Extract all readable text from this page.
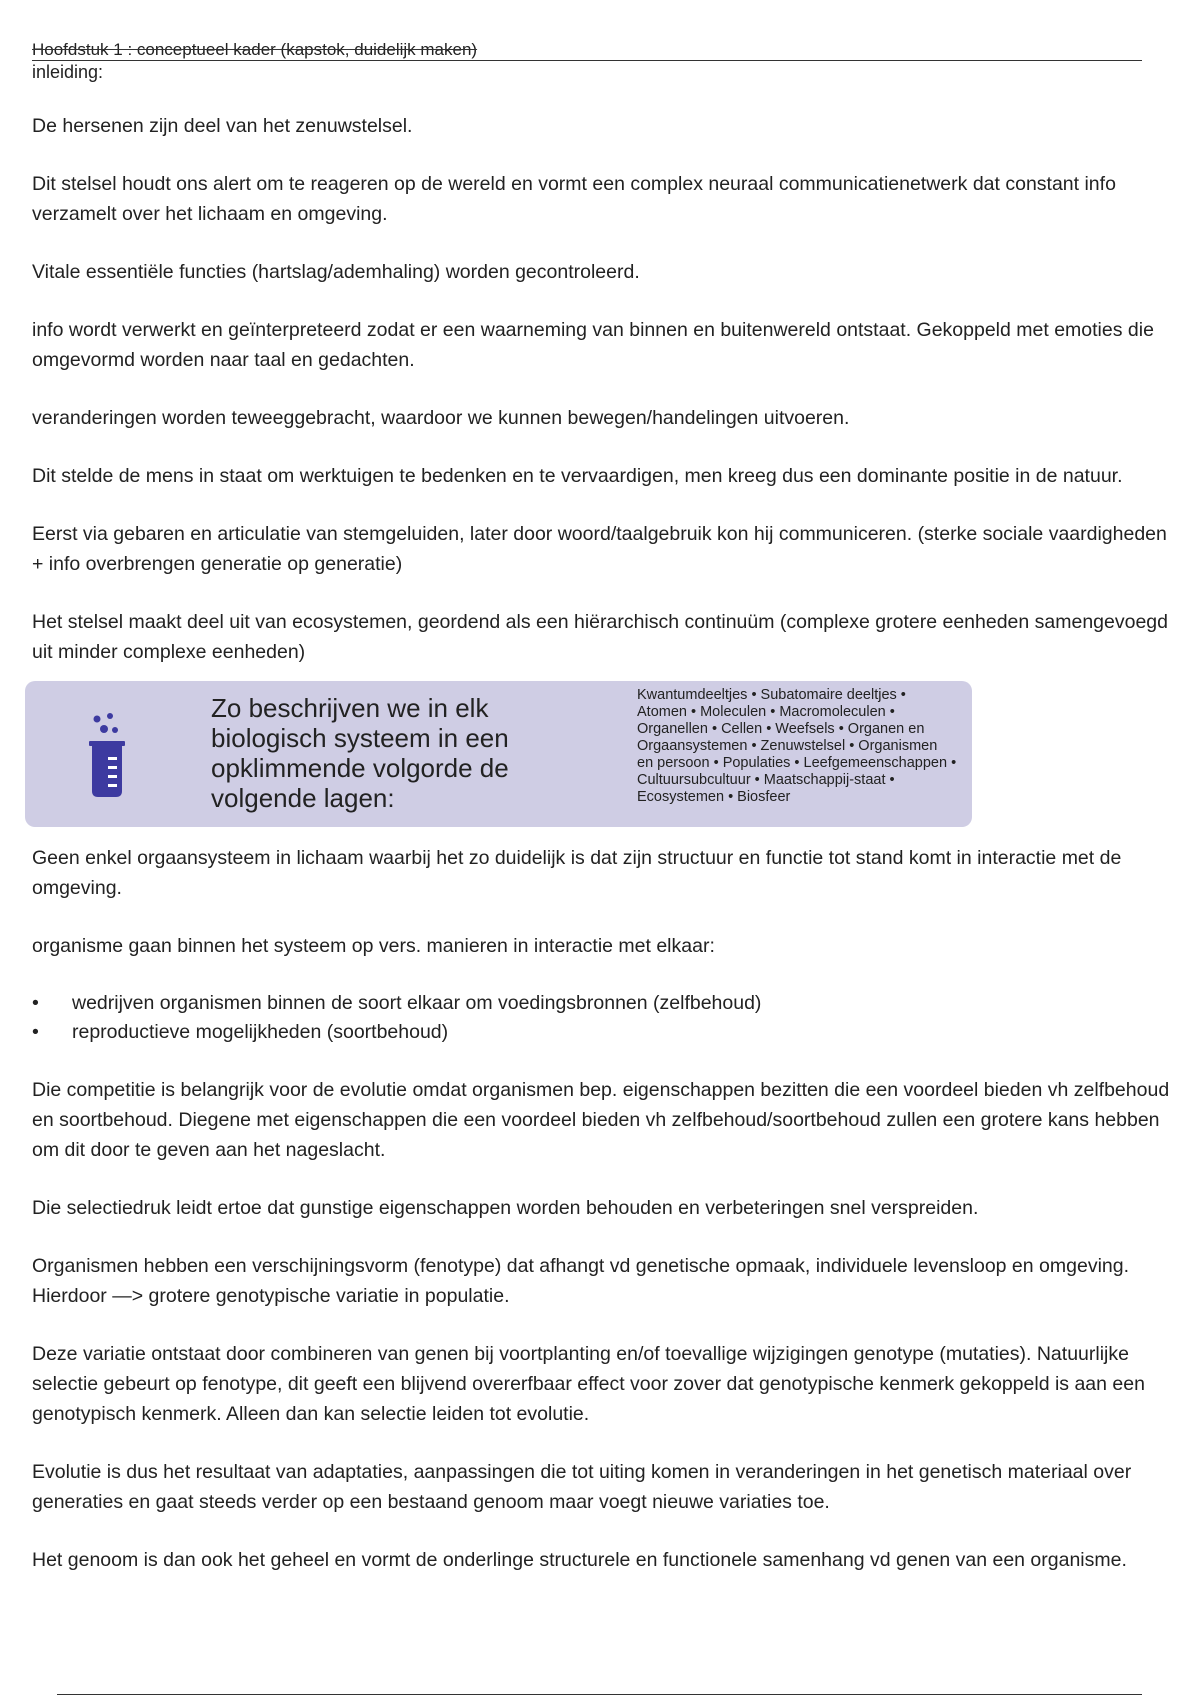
Hoofdstuk 1 : conceptueel kader (kapstok, duidelijk maken)
inleiding:

De hersenen zijn deel van het zenuwstelsel.

Dit stelsel houdt ons alert om te reageren op de wereld en vormt een complex neuraal communicatienetwerk dat constant info verzamelt over het lichaam en omgeving.

Vitale essentiële functies (hartslag/ademhaling) worden gecontroleerd.

info wordt verwerkt en geïnterpreteerd zodat er een waarneming van binnen en buitenwereld ontstaat. Gekoppeld met emoties die omgevormd worden naar taal en gedachten.

veranderingen worden teweeggebracht, waardoor we kunnen bewegen/handelingen uitvoeren.

Dit stelde de mens in staat om werktuigen te bedenken en te vervaardigen, men kreeg dus een dominante positie in de natuur.

Eerst via gebaren en articulatie van stemgeluiden, later door woord/taalgebruik kon hij communiceren. (sterke sociale vaardigheden + info overbrengen generatie op generatie)

Het stelsel maakt deel uit van ecosystemen, geordend als een hiërarchisch continuüm (complexe grotere eenheden samengevoegd uit minder complexe eenheden)

Zo beschrijven we in elk biologisch systeem in een opklimmende volgorde de volgende lagen:
Kwantumdeeltjes • Subatomaire deeltjes • Atomen • Moleculen • Macromoleculen • Organellen • Cellen • Weefsels • Organen en Orgaansystemen • Zenuwstelsel • Organismen en persoon • Populaties • Leefgemeenschappen • Cultuursubcultuur • Maatschappij-staat • Ecosystemen • Biosfeer

Geen enkel orgaansysteem in lichaam waarbij het zo duidelijk is dat zijn structuur en functie tot stand komt in interactie met de omgeving.

organisme gaan binnen het systeem op vers. manieren in interactie met elkaar:

• wedrijven organismen binnen de soort elkaar om voedingsbronnen (zelfbehoud)
• reproductieve mogelijkheden (soortbehoud)

Die competitie is belangrijk voor de evolutie omdat organismen bep. eigenschappen bezitten die een voordeel bieden vh zelfbehoud en soortbehoud. Diegene met eigenschappen die een voordeel bieden vh zelfbehoud/soortbehoud zullen een grotere kans hebben om dit door te geven aan het nageslacht.

Die selectiedruk leidt ertoe dat gunstige eigenschappen worden behouden en verbeteringen snel verspreiden.

Organismen hebben een verschijningsvorm (fenotype) dat afhangt vd genetische opmaak, individuele levensloop en omgeving. Hierdoor —> grotere genotypische variatie in populatie.

Deze variatie ontstaat door combineren van genen bij voortplanting en/of toevallige wijzigingen genotype (mutaties). Natuurlijke selectie gebeurt op fenotype, dit geeft een blijvend overerfbaar effect voor zover dat genotypische kenmerk gekoppeld is aan een genotypisch kenmerk. Alleen dan kan selectie leiden tot evolutie.

Evolutie is dus het resultaat van adaptaties, aanpassingen die tot uiting komen in veranderingen in het genetisch materiaal over generaties en gaat steeds verder op een bestaand genoom maar voegt nieuwe variaties toe.

Het genoom is dan ook het geheel en vormt de onderlinge structurele en functionele samenhang vd genen van een organisme.
